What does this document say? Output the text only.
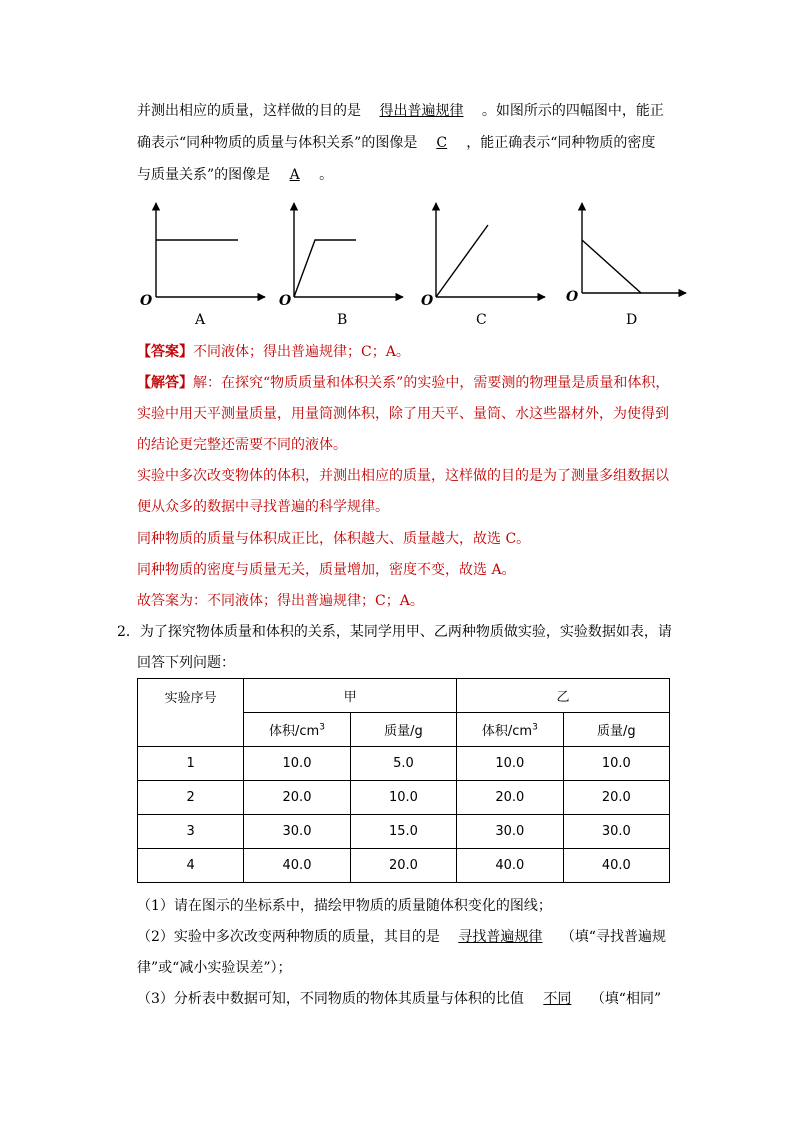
并测出相应的质量，这样做的目的是 得出普遍规律 。如图所示的四幅图中，能正
确表示“同种物质的质量与体积关系”的图像是 C ，能正确表示“同种物质的密度
与质量关系”的图像是 A 。
O
A
O
B
O
C
O
D
【答案】不同液体；得出普遍规律；C；A。
【解答】解：在探究“物质质量和体积关系”的实验中，需要测的物理量是质量和体积，
实验中用天平测量质量，用量筒测体积，除了用天平、量筒、水这些器材外，为使得到
的结论更完整还需要不同的液体。
实验中多次改变物体的体积，并测出相应的质量，这样做的目的是为了测量多组数据以
便从众多的数据中寻找普遍的科学规律。
同种物质的质量与体积成正比，体积越大、质量越大，故选 C。
同种物质的密度与质量无关，质量增加，密度不变，故选 A。
故答案为：不同液体；得出普遍规律；C；A。
2．为了探究物体质量和体积的关系，某同学用甲、乙两种物质做实验，实验数据如表，请
回答下列问题：
实验序号	甲		乙	
	体积$/cm^3$	质量/g	体积$/cm^3$	质量/g
1	10.0	5.0	10.0	10.0
2	20.0	10.0	20.0	20.0
3	30.0	15.0	30.0	30.0
4	40.0	20.0	40.0	40.0
（1）请在图示的坐标系中，描绘甲物质的质量随体积变化的图线；
（2）实验中多次改变两种物质的质量，其目的是 寻找普遍规律 （填“寻找普遍规
律”或“减小实验误差”）；
（3）分析表中数据可知，不同物质的物体其质量与体积的比值 不同 （填“相同”
